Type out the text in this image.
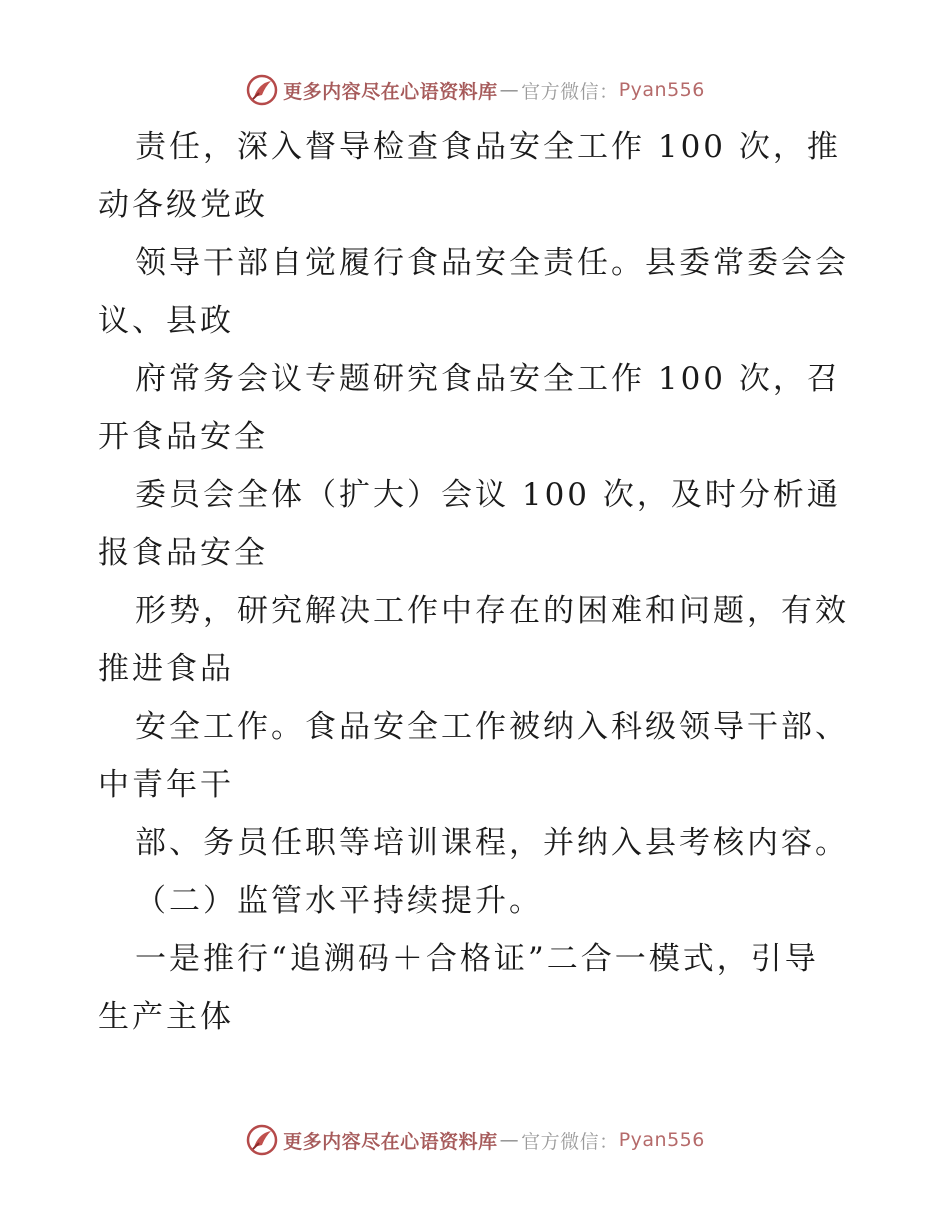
更多内容尽在心语资料库 — 官方微信： Pyan556
责任，深入督导检查食品安全工作 100 次，推
动各级党政
领导干部自觉履行食品安全责任。县委常委会会
议、县政
府常务会议专题研究食品安全工作 100 次，召
开食品安全
委员会全体（扩大）会议 100 次，及时分析通
报食品安全
形势，研究解决工作中存在的困难和问题，有效
推进食品
安全工作。食品安全工作被纳入科级领导干部、
中青年干
部、务员任职等培训课程，并纳入县考核内容。
（二）监管水平持续提升。
一是推行“追溯码＋合格证”二合一模式，引导
生产主体
更多内容尽在心语资料库 — 官方微信： Pyan556
